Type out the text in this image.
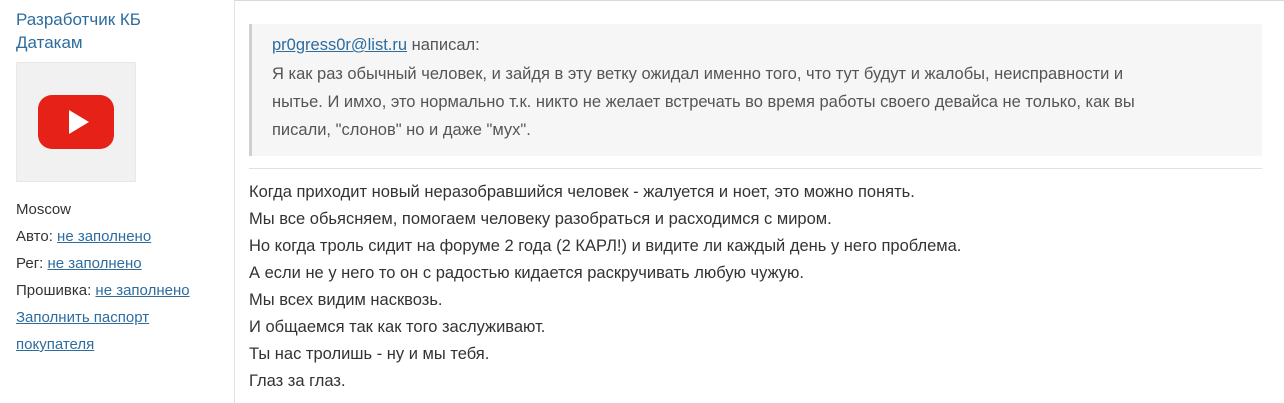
Разработчик КБ
Датакам
Moscow
Авто: не заполнено
Рег: не заполнено
Прошивка: не заполнено
Заполнить паспорт
покупателя
pr0gress0r@list.ru написал:
Я как раз обычный человек, и зайдя в эту ветку ожидал именно того, что тут будут и жалобы, неисправности и
нытье. И имхо, это нормально т.к. никто не желает встречать во время работы своего девайса не только, как вы
писали, "слонов" но и даже "мух".
Когда приходит новый неразобравшийся человек - жалуется и ноет, это можно понять.
Мы все обьясняем, помогаем человеку разобраться и расходимся с миром.
Но когда троль сидит на форуме 2 года (2 КАРЛ!) и видите ли каждый день у него проблема.
А если не у него то он с радостью кидается раскручивать любую чужую.
Мы всех видим насквозь.
И общаемся так как того заслуживают.
Ты нас тролишь - ну и мы тебя.
Глаз за глаз.
